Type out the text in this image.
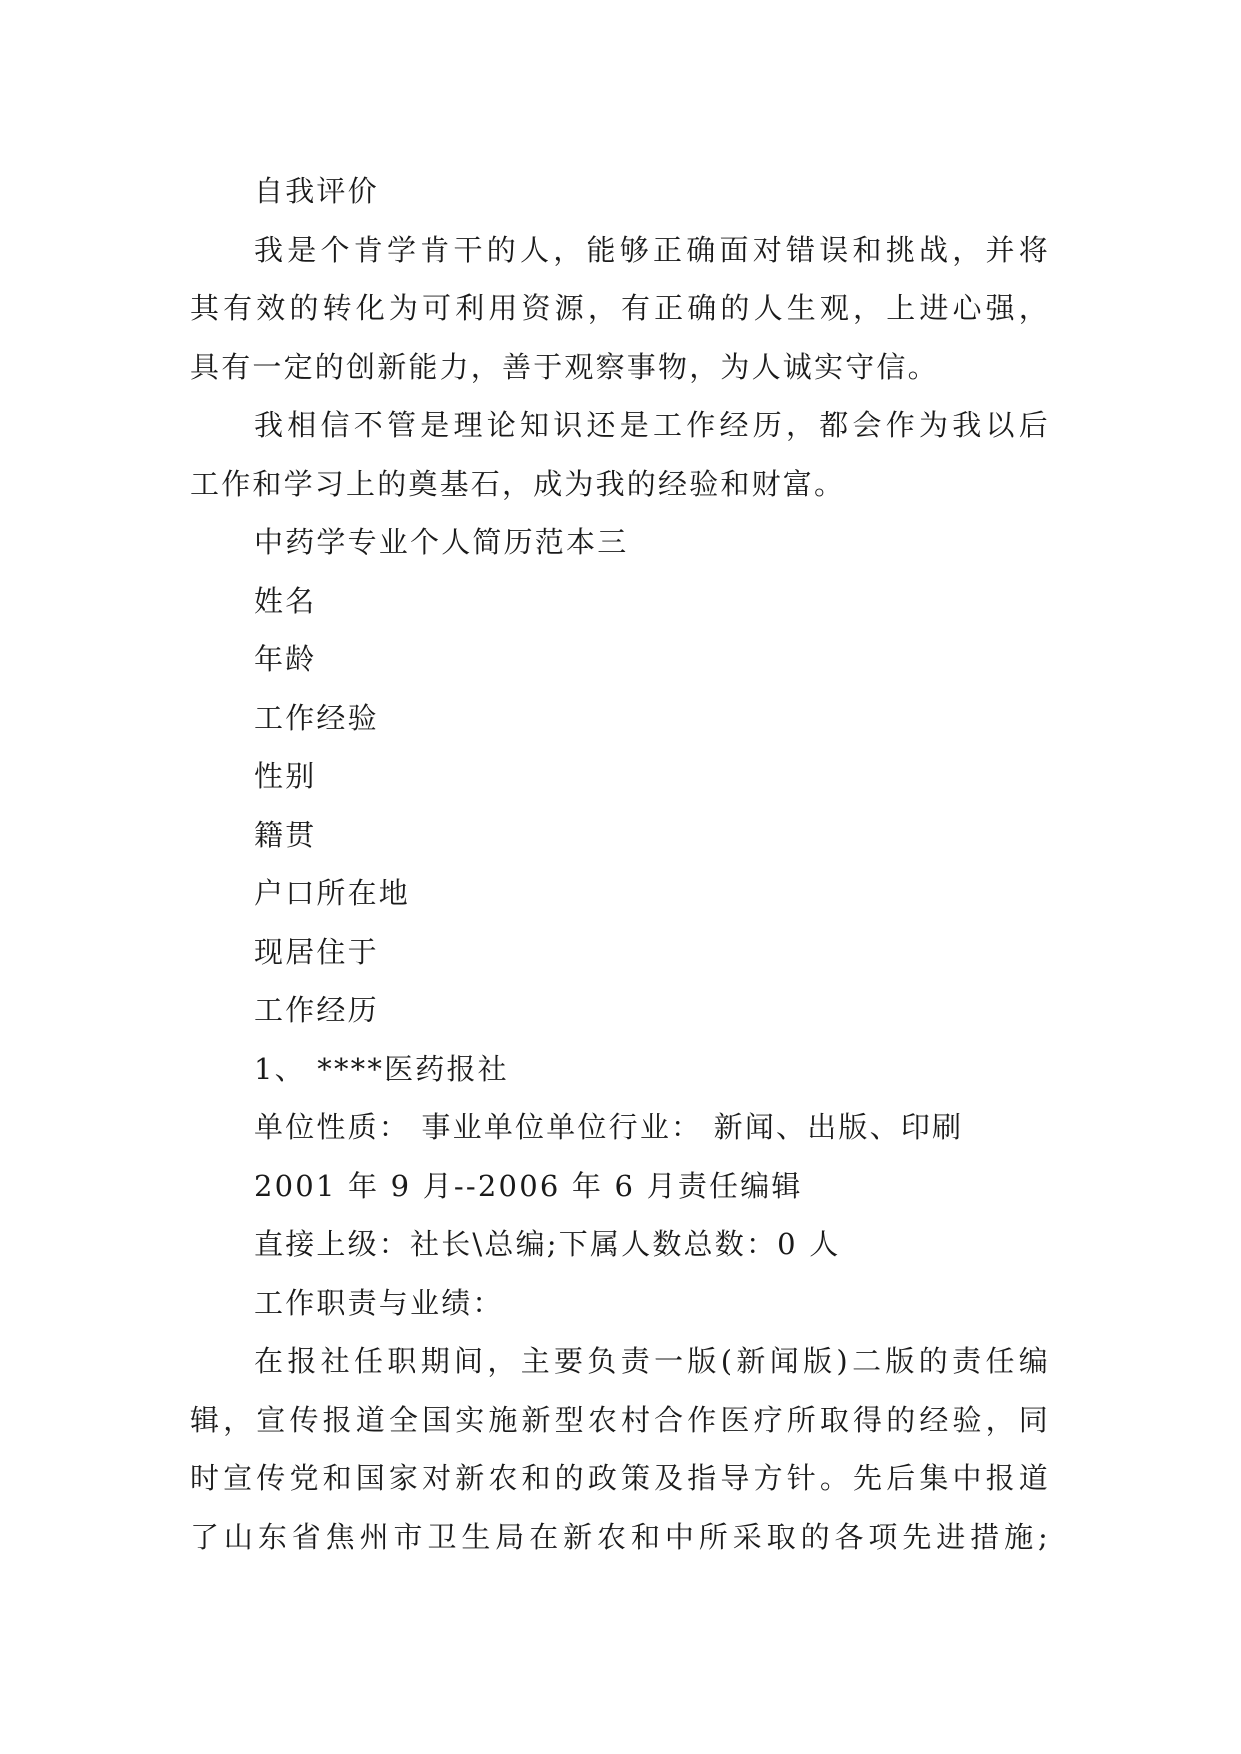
自我评价
我是个肯学肯干的人，能够正确面对错误和挑战，并将
其有效的转化为可利用资源，有正确的人生观，上进心强，
具有一定的创新能力，善于观察事物，为人诚实守信。
我相信不管是理论知识还是工作经历，都会作为我以后
工作和学习上的奠基石，成为我的经验和财富。
中药学专业个人简历范本三
姓名
年龄
工作经验
性别
籍贯
户口所在地
现居住于
工作经历
1、 ****医药报社
单位性质： 事业单位单位行业： 新闻、出版、印刷
2001 年 9 月--2006 年 6 月责任编辑
直接上级：社长\总编;下属人数总数：0 人
工作职责与业绩：
在报社任职期间，主要负责一版(新闻版)二版的责任编
辑，宣传报道全国实施新型农村合作医疗所取得的经验，同
时宣传党和国家对新农和的政策及指导方针。先后集中报道
了山东省焦州市卫生局在新农和中所采取的各项先进措施;
